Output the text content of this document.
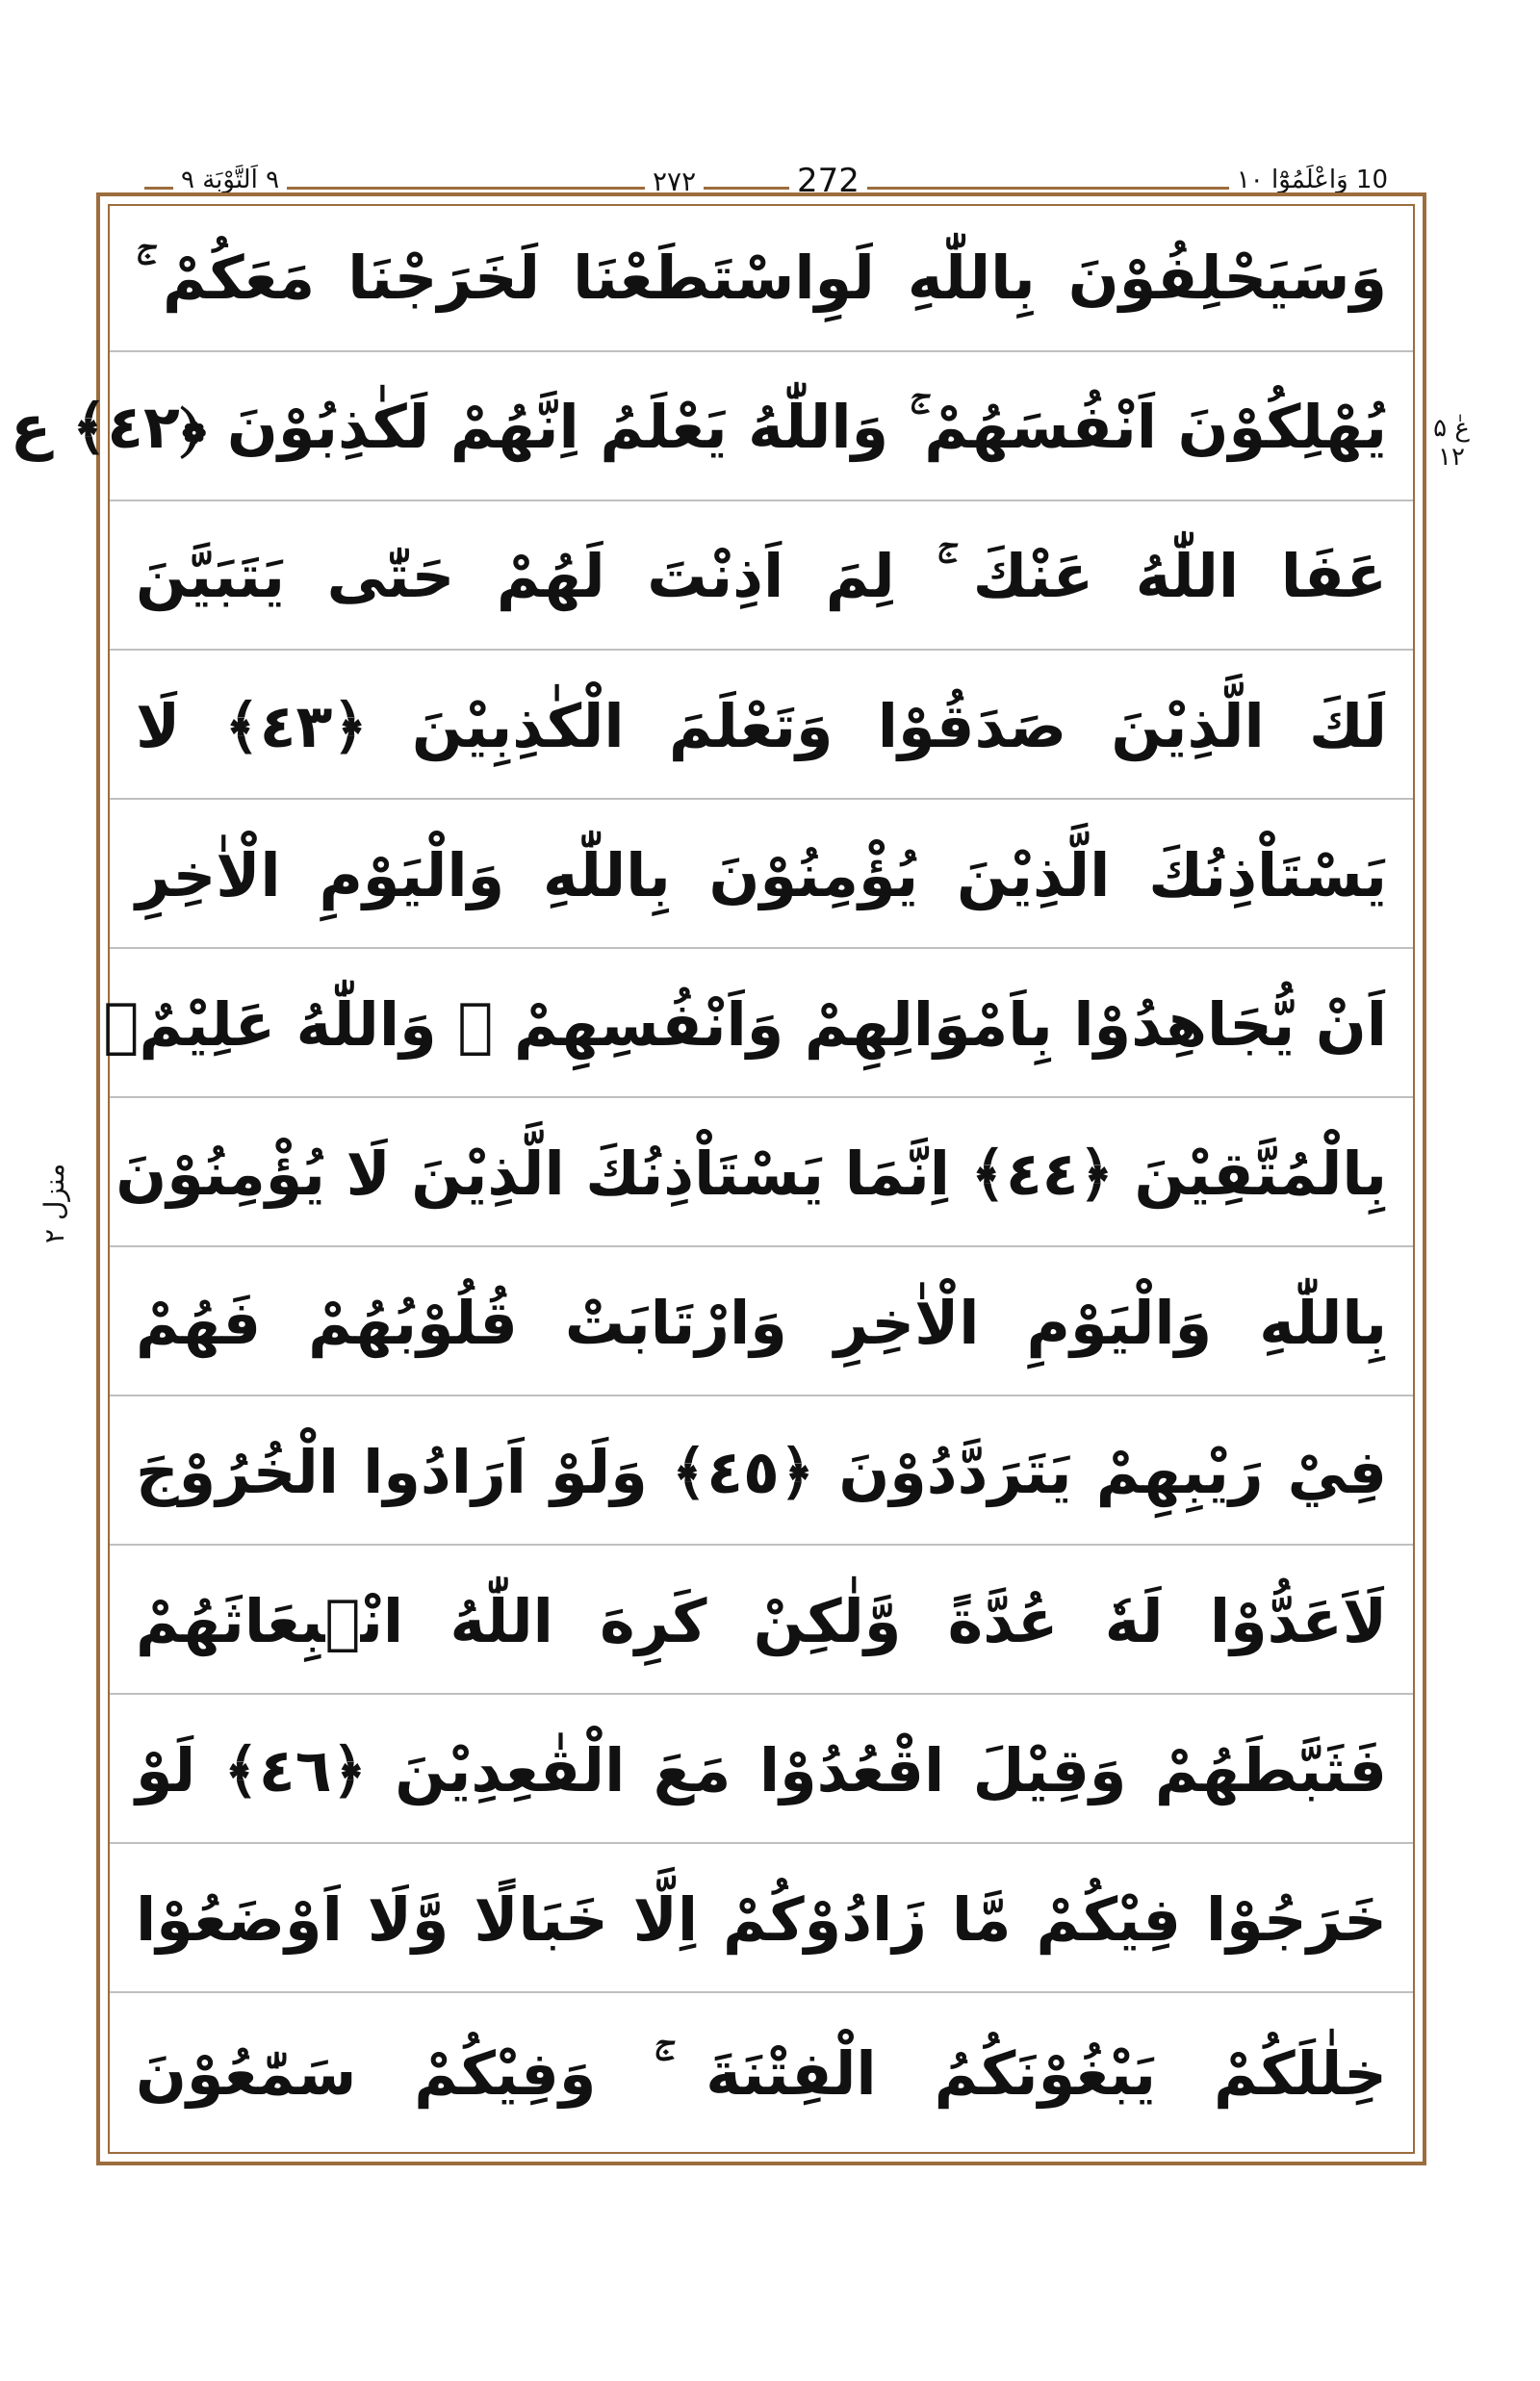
10 وَاعْلَمُوْٓا ١٠
٢٧٢	272
٩ اَلتَّوْبَة ٩
وَسَيَحْلِفُوْنَ بِاللّٰهِ لَوِاسْتَطَعْنَا لَخَرَجْنَا مَعَكُمْ ۚ
يُهْلِكُوْنَ اَنْفُسَهُمْ ۚ وَاللّٰهُ يَعْلَمُ اِنَّهُمْ لَكٰذِبُوْنَ ﴿٤٢﴾ ع
عَفَا اللّٰهُ عَنْكَ ۚ لِمَ اَذِنْتَ لَهُمْ حَتّٰى يَتَبَيَّنَ
لَكَ الَّذِيْنَ صَدَقُوْا وَتَعْلَمَ الْكٰذِبِيْنَ ﴿٤٣﴾ لَا
يَسْتَاْذِنُكَ الَّذِيْنَ يُؤْمِنُوْنَ بِاللّٰهِ وَالْيَوْمِ الْاٰخِرِ
اَنْ يُّجَاهِدُوْا بِاَمْوَالِهِمْ وَاَنْفُسِهِمْ ۗ وَاللّٰهُ عَلِيْمٌۢ
بِالْمُتَّقِيْنَ ﴿٤٤﴾ اِنَّمَا يَسْتَاْذِنُكَ الَّذِيْنَ لَا يُؤْمِنُوْنَ
بِاللّٰهِ وَالْيَوْمِ الْاٰخِرِ وَارْتَابَتْ قُلُوْبُهُمْ فَهُمْ
فِيْ رَيْبِهِمْ يَتَرَدَّدُوْنَ ﴿٤٥﴾ وَلَوْ اَرَادُوا الْخُرُوْجَ
لَاَعَدُّوْا لَهٗ عُدَّةً وَّلٰكِنْ كَرِهَ اللّٰهُ انْۢبِعَاثَهُمْ
فَثَبَّطَهُمْ وَقِيْلَ اقْعُدُوْا مَعَ الْقٰعِدِيْنَ ﴿٤٦﴾ لَوْ
خَرَجُوْا فِيْكُمْ مَّا زَادُوْكُمْ اِلَّا خَبَالًا وَّلَا اَوْضَعُوْا
خِلٰلَكُمْ يَبْغُوْنَكُمُ الْفِتْنَةَ ۚ وَفِيْكُمْ سَمّٰعُوْنَ
عٰ ۵ ١٢
منزل ٢
